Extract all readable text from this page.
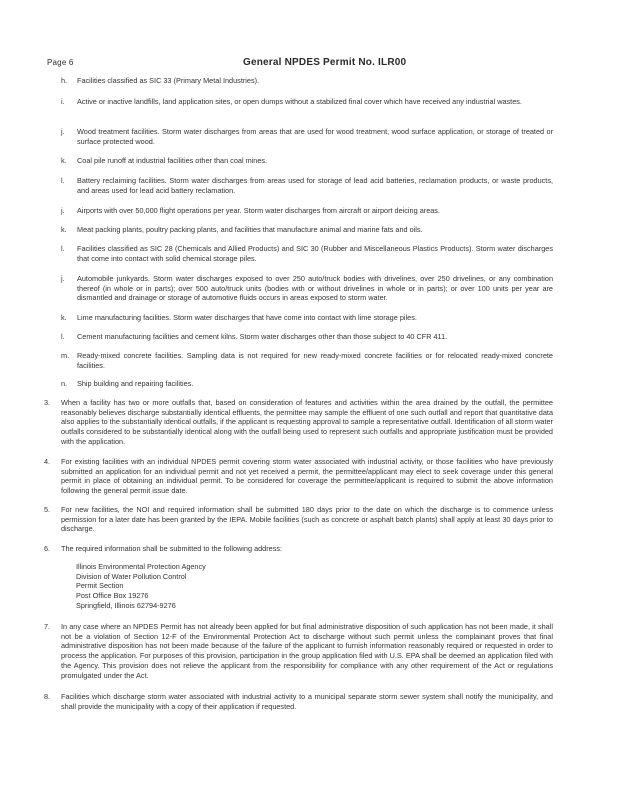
Page 6	General NPDES Permit No. ILR00
h. Facilities classified as SIC 33 (Primary Metal Industries).

i. Active or inactive landfills, land application sites, or open dumps without a stabilized final cover which have received any industrial wastes.

j. Wood treatment facilities. Storm water discharges from areas that are used for wood treatment, wood surface application, or storage of treated or surface protected wood.

k. Coal pile runoff at industrial facilities other than coal mines.

l. Battery reclaiming facilities. Storm water discharges from areas used for storage of lead acid batteries, reclamation products, or waste products, and areas used for lead acid battery reclamation.

j. Airports with over 50,000 flight operations per year. Storm water discharges from aircraft or airport deicing areas.

k. Meat packing plants, poultry packing plants, and facilities that manufacture animal and marine fats and oils.

l. Facilities classified as SIC 28 (Chemicals and Allied Products) and SIC 30 (Rubber and Miscellaneous Plastics Products). Storm water discharges that come into contact with solid chemical storage piles.

j. Automobile junkyards. Storm water discharges exposed to over 250 auto/truck bodies with drivelines, over 250 drivelines, or any combination thereof (in whole or in parts); over 500 auto/truck units (bodies with or without drivelines in whole or in parts); or over 100 units per year are dismantled and drainage or storage of automotive fluids occurs in areas exposed to storm water.

k. Lime manufacturing facilities. Storm water discharges that have come into contact with lime storage piles.

l. Cement manufacturing facilities and cement kilns. Storm water discharges other than those subject to 40 CFR 411.

m. Ready-mixed concrete facilities. Sampling data is not required for new ready-mixed concrete facilities or for relocated ready-mixed concrete facilities.

n. Ship building and repairing facilities.

3. When a facility has two or more outfalls that, based on consideration of features and activities within the area drained by the outfall, the permittee reasonably believes discharge substantially identical effluents, the permittee may sample the effluent of one such outfall and report that quantitative data also applies to the substantially identical outfalls, if the applicant is requesting approval to sample a representative outfall. Identification of all storm water outfalls considered to be substantially identical along with the outfall being used to represent such outfalls and appropriate justification must be provided with the application.

4. For existing facilities with an individual NPDES permit covering storm water associated with industrial activity, or those facilities who have previously submitted an application for an individual permit and not yet received a permit, the permittee/applicant may elect to seek coverage under this general permit in place of obtaining an individual permit. To be considered for coverage the permittee/applicant is required to submit the above information following the general permit issue date.

5. For new facilities, the NOI and required information shall be submitted 180 days prior to the date on which the discharge is to commence unless permission for a later date has been granted by the IEPA. Mobile facilities (such as concrete or asphalt batch plants) shall apply at least 30 days prior to discharge.

6. The required information shall be submitted to the following address:

Illinois Environmental Protection Agency
Division of Water Pollution Control
Permit Section
Post Office Box 19276
Springfield, Illinois 62794-9276
7. In any case where an NPDES Permit has not already been applied for but final administrative disposition of such application has not been made, it shall not be a violation of Section 12-F of the Environmental Protection Act to discharge without such permit unless the complainant proves that final administrative disposition has not been made because of the failure of the applicant to furnish information reasonably required or requested in order to process the application. For purposes of this provision, participation in the group application filed with U.S. EPA shall be deemed an application filed with the Agency. This provision does not relieve the applicant from the responsibility for compliance with any other requirement of the Act or regulations promulgated under the Act.

8. Facilities which discharge storm water associated with industrial activity to a municipal separate storm sewer system shall notify the municipality, and shall provide the municipality with a copy of their application if requested.
